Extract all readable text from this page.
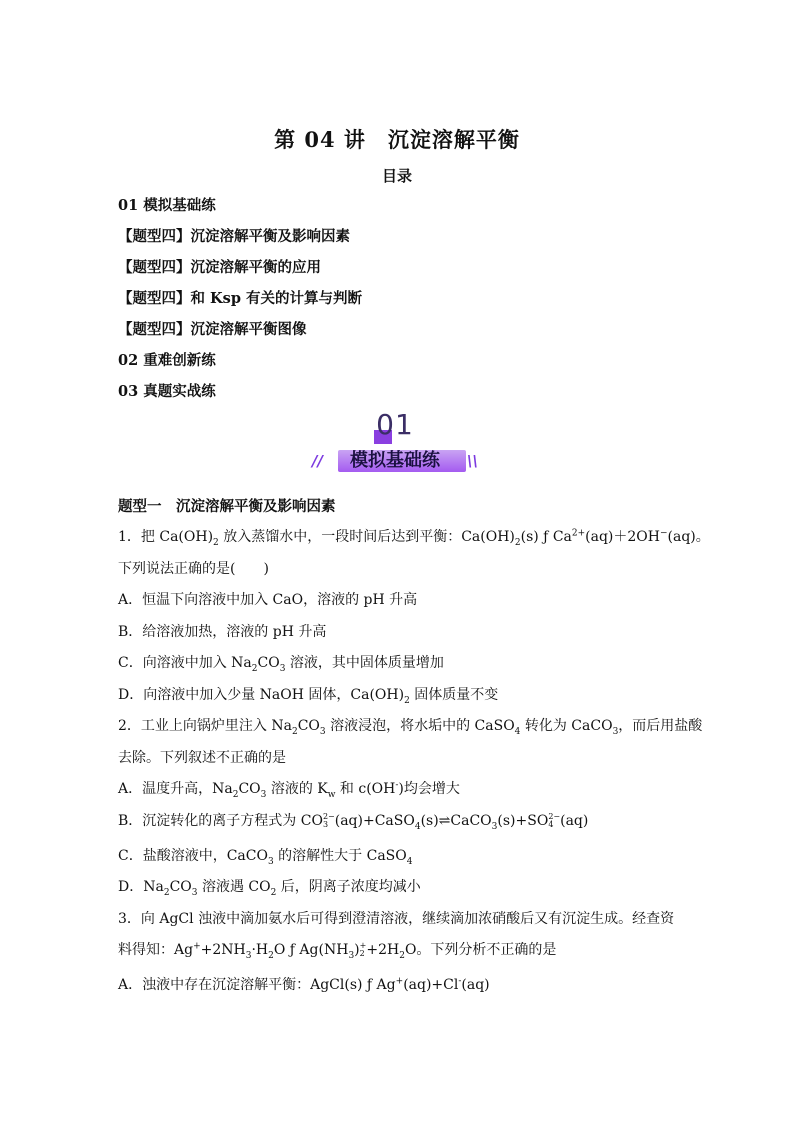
第 04 讲　沉淀溶解平衡
目录
01 模拟基础练
【题型四】沉淀溶解平衡及影响因素
【题型四】沉淀溶解平衡的应用
【题型四】和 Ksp 有关的计算与判断
【题型四】沉淀溶解平衡图像
02 重难创新练
03 真题实战练
01
//	模拟基础练	\\
题型一　沉淀溶解平衡及影响因素
1．把 $Ca(OH)_2$ 放入蒸馏水中，一段时间后达到平衡：$Ca(OH)_2(s)$ ƒ $Ca^{2+}(aq)+2OH^-(aq)$。
下列说法正确的是(　　)
A．恒温下向溶液中加入 CaO，溶液的 pH 升高
B．给溶液加热，溶液的 pH 升高
C．向溶液中加入 $Na_2CO_3$ 溶液，其中固体质量增加
D．向溶液中加入少量 NaOH 固体，$Ca(OH)_2$ 固体质量不变
2．工业上向锅炉里注入 $Na_2CO_3$ 溶液浸泡，将水垢中的 CaSO$_4$ 转化为 CaCO$_3$，而后用盐酸
去除。下列叙述不正确的是
A．温度升高，$Na_2CO_3$ 溶液的 $K_w$ 和 c(OH-)均会增大
B．沉淀转化的离子方程式为 CO 2−
3 (aq)+CaSO$_4$(s)⇌CaCO$_3$(s)+SO 2−
4 (aq)
C．盐酸溶液中，CaCO$_3$ 的溶解性大于 CaSO$_4$
D．$Na_2CO_3$ 溶液遇 $CO_2$ 后，阴离子浓度均减小
3．向 AgCl 浊液中滴加氨水后可得到澄清溶液，继续滴加浓硝酸后又有沉淀生成。经查资
料得知：$Ag^++2NH_3\cdot H_2O$ ƒ $Ag(NH_3)$ +
$2 +2H_2O$。下列分析不正确的是
A．浊液中存在沉淀溶解平衡：AgCl(s) ƒ Ag+(aq)+Cl-(aq)
